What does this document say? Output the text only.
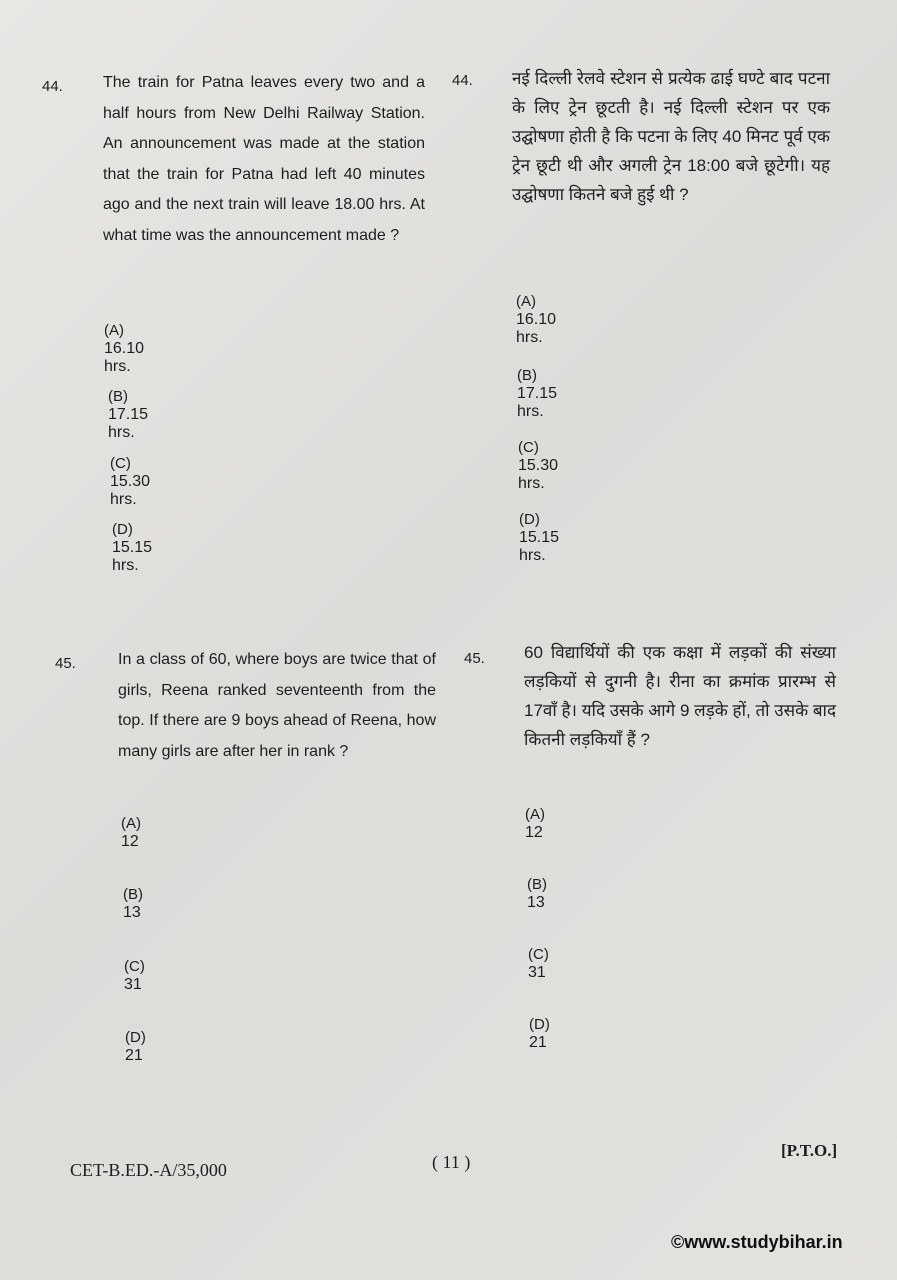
44.	The train for Patna leaves every two and a half hours from New Delhi Railway Station. An announcement was made at the station that the train for Patna had left 40 minutes ago and the next train will leave 18.00 hrs. At what time was the announcement made ?
(A)16.10 hrs.
(B)17.15 hrs.
(C)15.30 hrs.
(D)15.15 hrs.
44. नई दिल्ली रेलवे स्टेशन से प्रत्येक ढाई घण्टे बाद पटना के लिए ट्रेन छूटती है। नई दिल्ली स्टेशन पर एक उद्घोषणा होती है कि पटना के लिए 40 मिनट पूर्व एक ट्रेन छूटी थी और अगली ट्रेन 18:00 बजे छूटेगी। यह उद्घोषणा कितने बजे हुई थी ?
(A)16.10 hrs.
(B)17.15 hrs.
(C)15.30 hrs.
(D)15.15 hrs.
45.	In a class of 60, where boys are twice that of girls, Reena ranked seventeenth from the top. If there are 9 boys ahead of Reena, how many girls are after her in rank ?
(A)12
(B)13
(C)31
(D)21
45. 60 विद्यार्थियों की एक कक्षा में लड़कों की संख्या लड़कियों से दुगनी है। रीना का क्रमांक प्रारम्भ से 17वाँ है। यदि उसके आगे 9 लड़के हों, तो उसके बाद कितनी लड़कियाँ हैं ?
(A)12
(B)13
(C)31
(D)21
CET-B.ED.-A/35,000	( 11 )
[P.T.O.]
©www.studybihar.in
